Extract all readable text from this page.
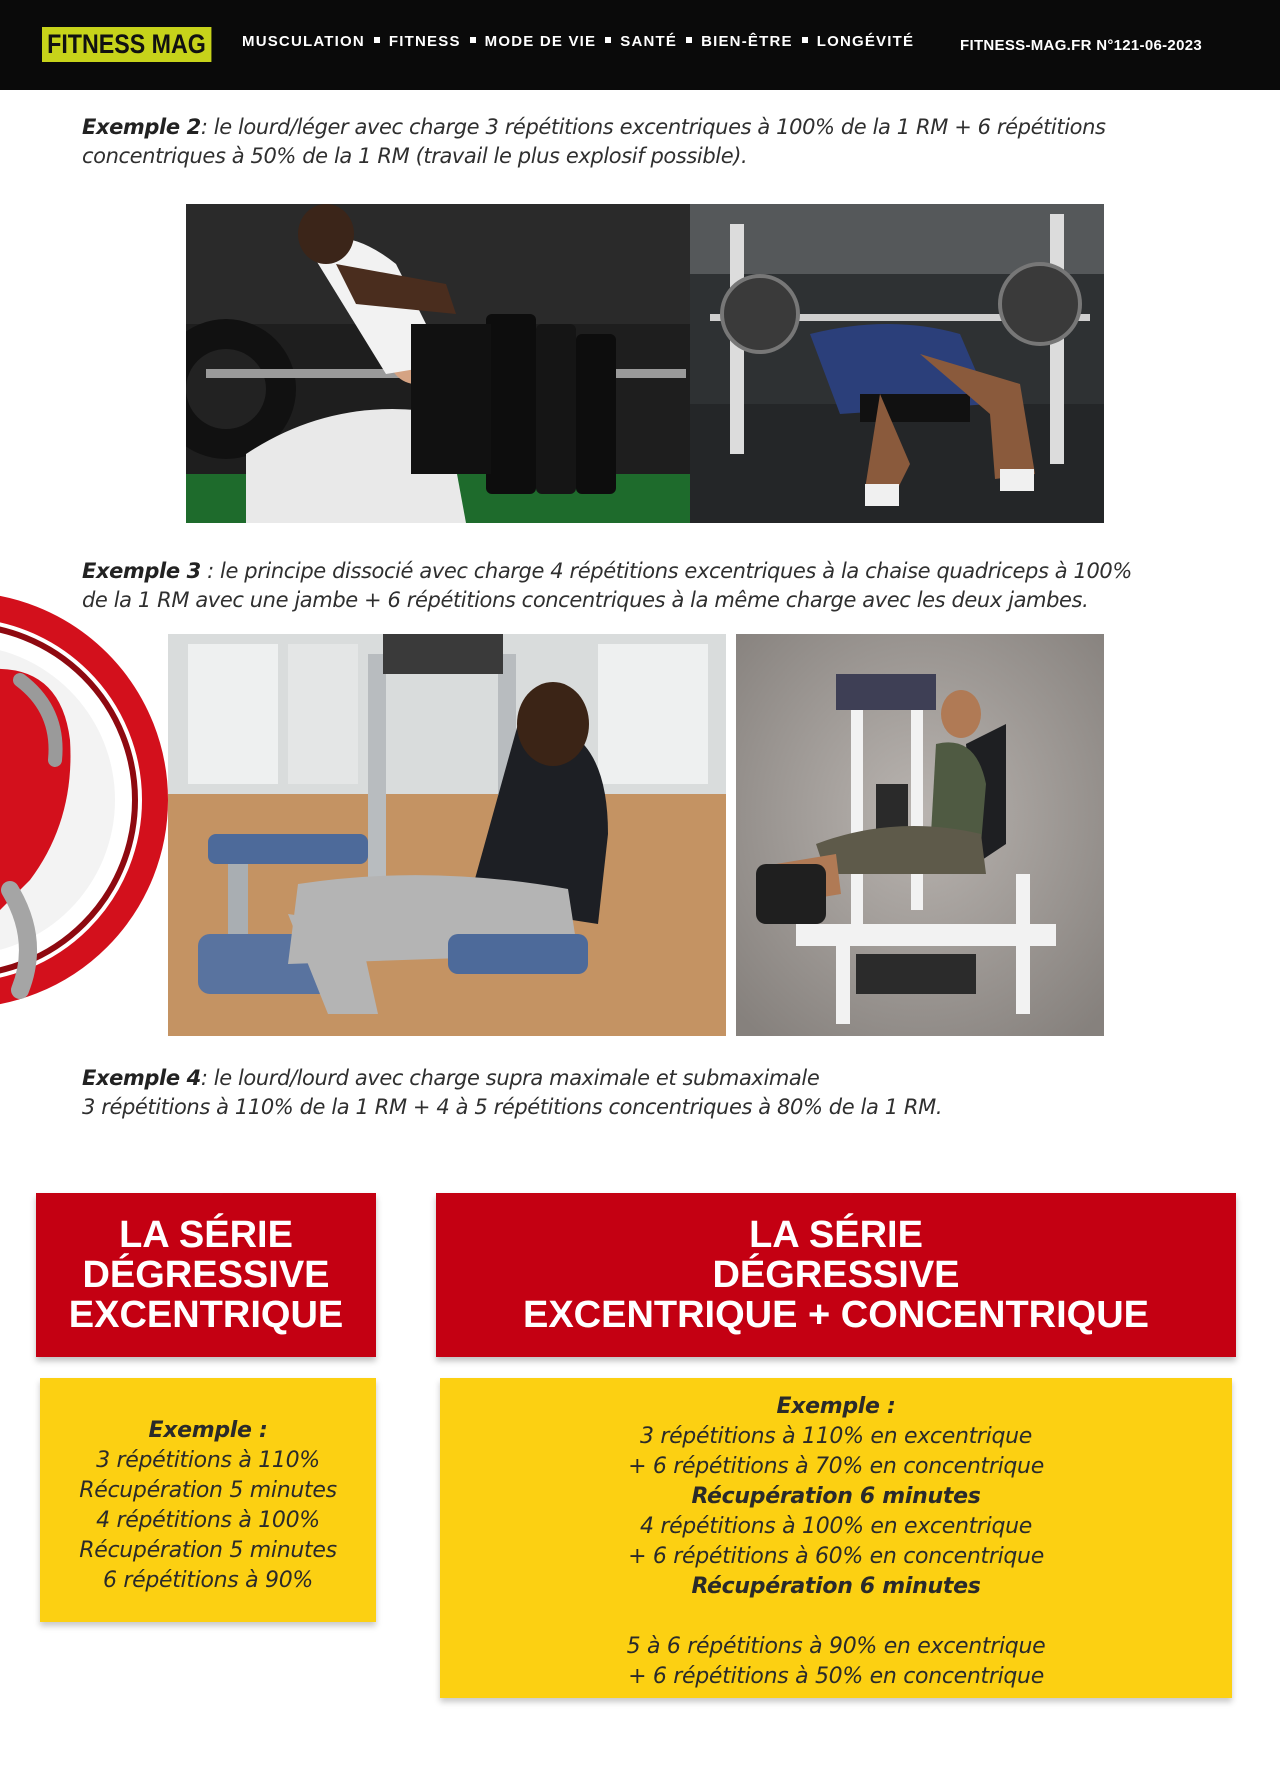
FITNESS MAG	MUSCULATION FITNESS MODE DE VIE SANTÉ BIEN-ÊTRE LONGÉVITÉ	FITNESS-MAG.FR N°121-06-2023
Exemple 2: le lourd/léger avec charge 3 répétitions excentriques à 100% de la 1 RM + 6 répétitions
concentriques à 50% de la 1 RM (travail le plus explosif possible).
Exemple 3 : le principe dissocié avec charge 4 répétitions excentriques à la chaise quadriceps à 100%
de la 1 RM avec une jambe + 6 répétitions concentriques à la même charge avec les deux jambes.
Exemple 4: le lourd/lourd avec charge supra maximale et submaximale
3 répétitions à 110% de la 1 RM + 4 à 5 répétitions concentriques à 80% de la 1 RM.
LA SÉRIE
DÉGRESSIVE
EXCENTRIQUE
LA SÉRIE
DÉGRESSIVE
EXCENTRIQUE + CONCENTRIQUE
Exemple :
3 répétitions à 110%
Récupération 5 minutes
4 répétitions à 100%
Récupération 5 minutes
6 répétitions à 90%
Exemple :
3 répétitions à 110% en excentrique
+ 6 répétitions à 70% en concentrique
Récupération 6 minutes
4 répétitions à 100% en excentrique
+ 6 répétitions à 60% en concentrique
Récupération 6 minutes
5 à 6 répétitions à 90% en excentrique
+ 6 répétitions à 50% en concentrique
